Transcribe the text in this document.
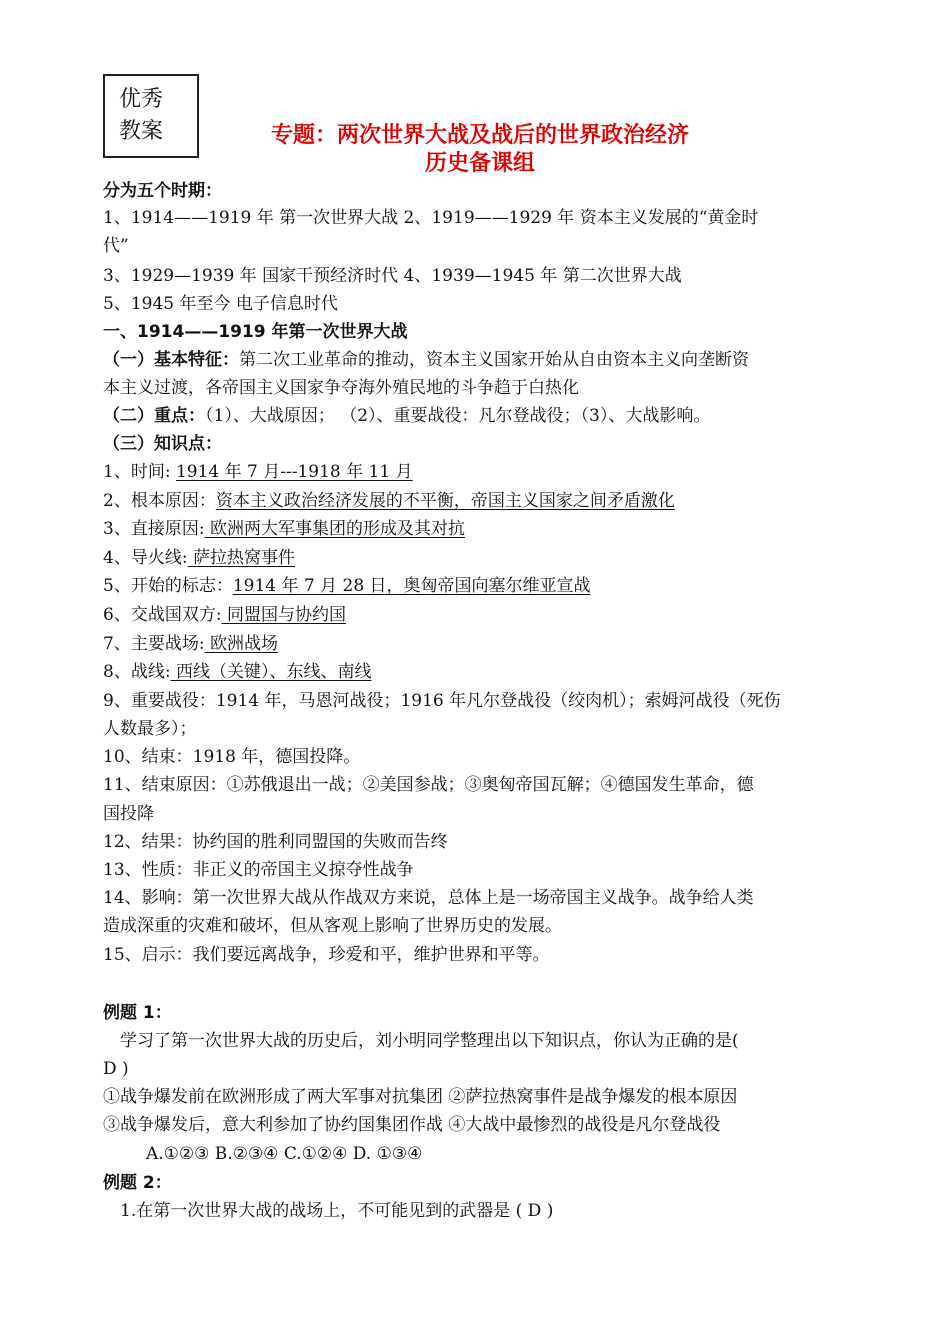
优秀
教案	专题：两次世界大战及战后的世界政治经济
历史备课组
分为五个时期：
1、1914——1919 年 第一次世界大战 2、1919——1929 年 资本主义发展的“黄金时
代”
3、1929—1939 年 国家干预经济时代 4、1939—1945 年 第二次世界大战
5、1945 年至今 电子信息时代
一、1914——1919 年第一次世界大战
（一）基本特征：第二次工业革命的推动，资本主义国家开始从自由资本主义向垄断资
本主义过渡，各帝国主义国家争夺海外殖民地的斗争趋于白热化
（二）重点：（1）、大战原因； （2）、重要战役：凡尔登战役；（3）、大战影响。
（三）知识点：
1、时间: 1914 年 7 月---1918 年 11 月
2、根本原因：资本主义政治经济发展的不平衡，帝国主义国家之间矛盾激化
3、直接原因: 欧洲两大军事集团的形成及其对抗
4、导火线: 萨拉热窝事件
5、开始的标志：1914 年 7 月 28 日，奥匈帝国向塞尔维亚宣战
6、交战国双方: 同盟国与协约国
7、主要战场: 欧洲战场
8、战线: 西线（关键）、东线、南线
9、重要战役：1914 年，马恩河战役；1916 年凡尔登战役（绞肉机）；索姆河战役（死伤
人数最多）；
10、结束：1918 年，德国投降。
11、结束原因：①苏俄退出一战；②美国参战；③奥匈帝国瓦解；④德国发生革命，德
国投降
12、结果：协约国的胜利同盟国的失败而告终
13、性质：非正义的帝国主义掠夺性战争
14、影响：第一次世界大战从作战双方来说，总体上是一场帝国主义战争。战争给人类
造成深重的灾难和破坏，但从客观上影响了世界历史的发展。
15、启示：我们要远离战争，珍爱和平，维护世界和平等。
例题 1：
学习了第一次世界大战的历史后，刘小明同学整理出以下知识点，你认为正确的是(
D )
①战争爆发前在欧洲形成了两大军事对抗集团 ②萨拉热窝事件是战争爆发的根本原因
③战争爆发后，意大利参加了协约国集团作战 ④大战中最惨烈的战役是凡尔登战役
A.①②③ B.②③④ C.①②④ D. ①③④
例题 2：
1.在第一次世界大战的战场上，不可能见到的武器是 ( D )
